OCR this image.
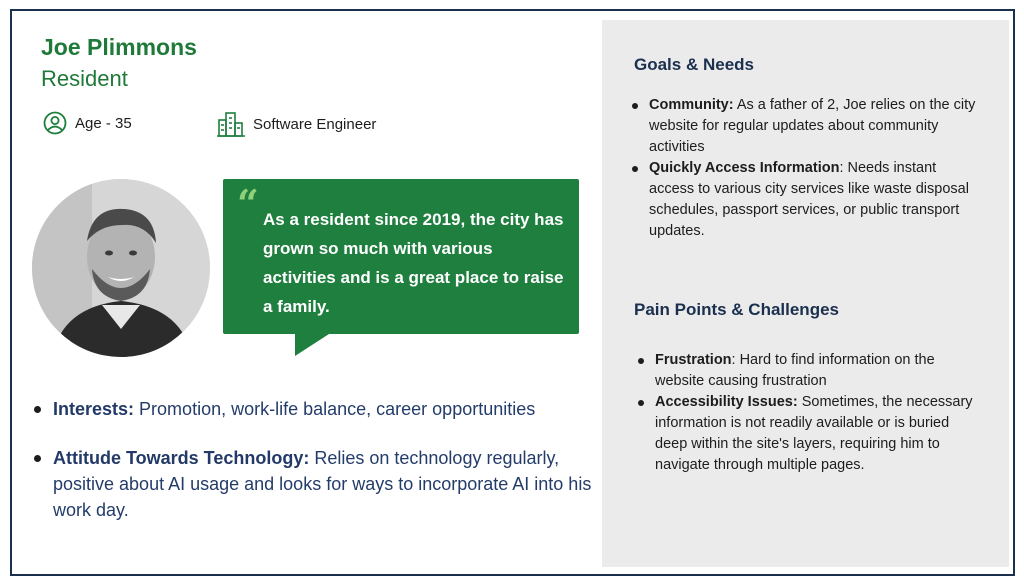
Joe Plimmons
Resident
Age - 35	Software Engineer
“ As a resident since 2019, the city has grown so much with various activities and is a great place to raise a family.
Interests: Promotion, work-life balance, career opportunities
Attitude Towards Technology: Relies on technology regularly, positive about AI usage and looks for ways to incorporate AI into his work day.
Goals & Needs
Community: As a father of 2, Joe relies on the city website for regular updates about community activities
Quickly Access Information: Needs instant access to various city services like waste disposal schedules, passport services, or public transport updates.
Pain Points & Challenges
Frustration: Hard to find information on the website causing frustration
Accessibility Issues: Sometimes, the necessary information is not readily available or is buried deep within the site's layers, requiring him to navigate through multiple pages.
